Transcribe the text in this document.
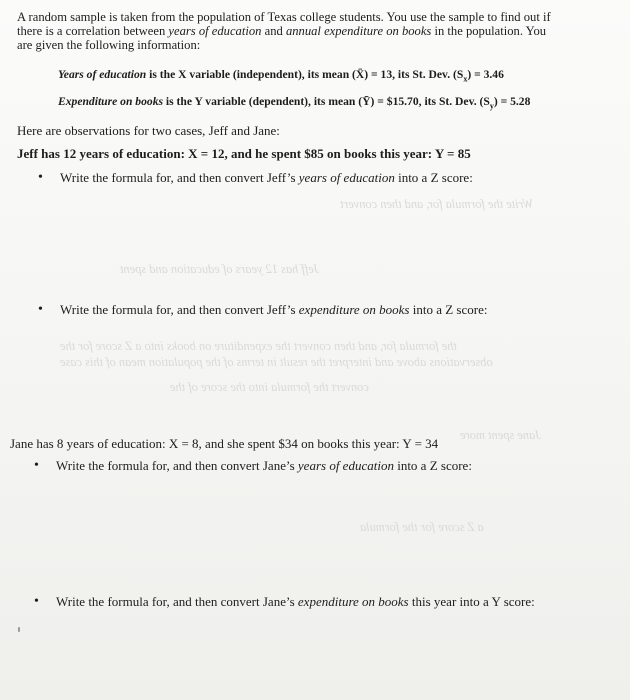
Write the formula for, and then convert
Jeff has 12 years of education and spent
the formula for, and then convert the expenditure on books into a Z score for the
observations above and interpret the result in terms of the population mean of this case
convert the formula into the score of the
Jane spent more
a Z score for the formula
A random sample is taken from the population of Texas college students. You use the sample to find out if
there is a correlation between years of education and annual expenditure on books in the population. You
are given the following information:
Years of education is the X variable (independent), its mean (X̄) = 13, its St. Dev. $(S_x) = 3.46$
Expenditure on books is the Y variable (dependent), its mean (Ȳ) = $15.70, its St. Dev. $(S_y) = 5.28$
Here are observations for two cases, Jeff and Jane:
Jeff has 12 years of education: X = 12, and he spent $85 on books this year: Y = 85
• Write the formula for, and then convert Jeff’s years of education into a Z score:
• Write the formula for, and then convert Jeff’s expenditure on books into a Z score:
Jane has 8 years of education: X = 8, and she spent $34 on books this year: Y = 34
• Write the formula for, and then convert Jane’s years of education into a Z score:
• Write the formula for, and then convert Jane’s expenditure on books this year into a Y score:
